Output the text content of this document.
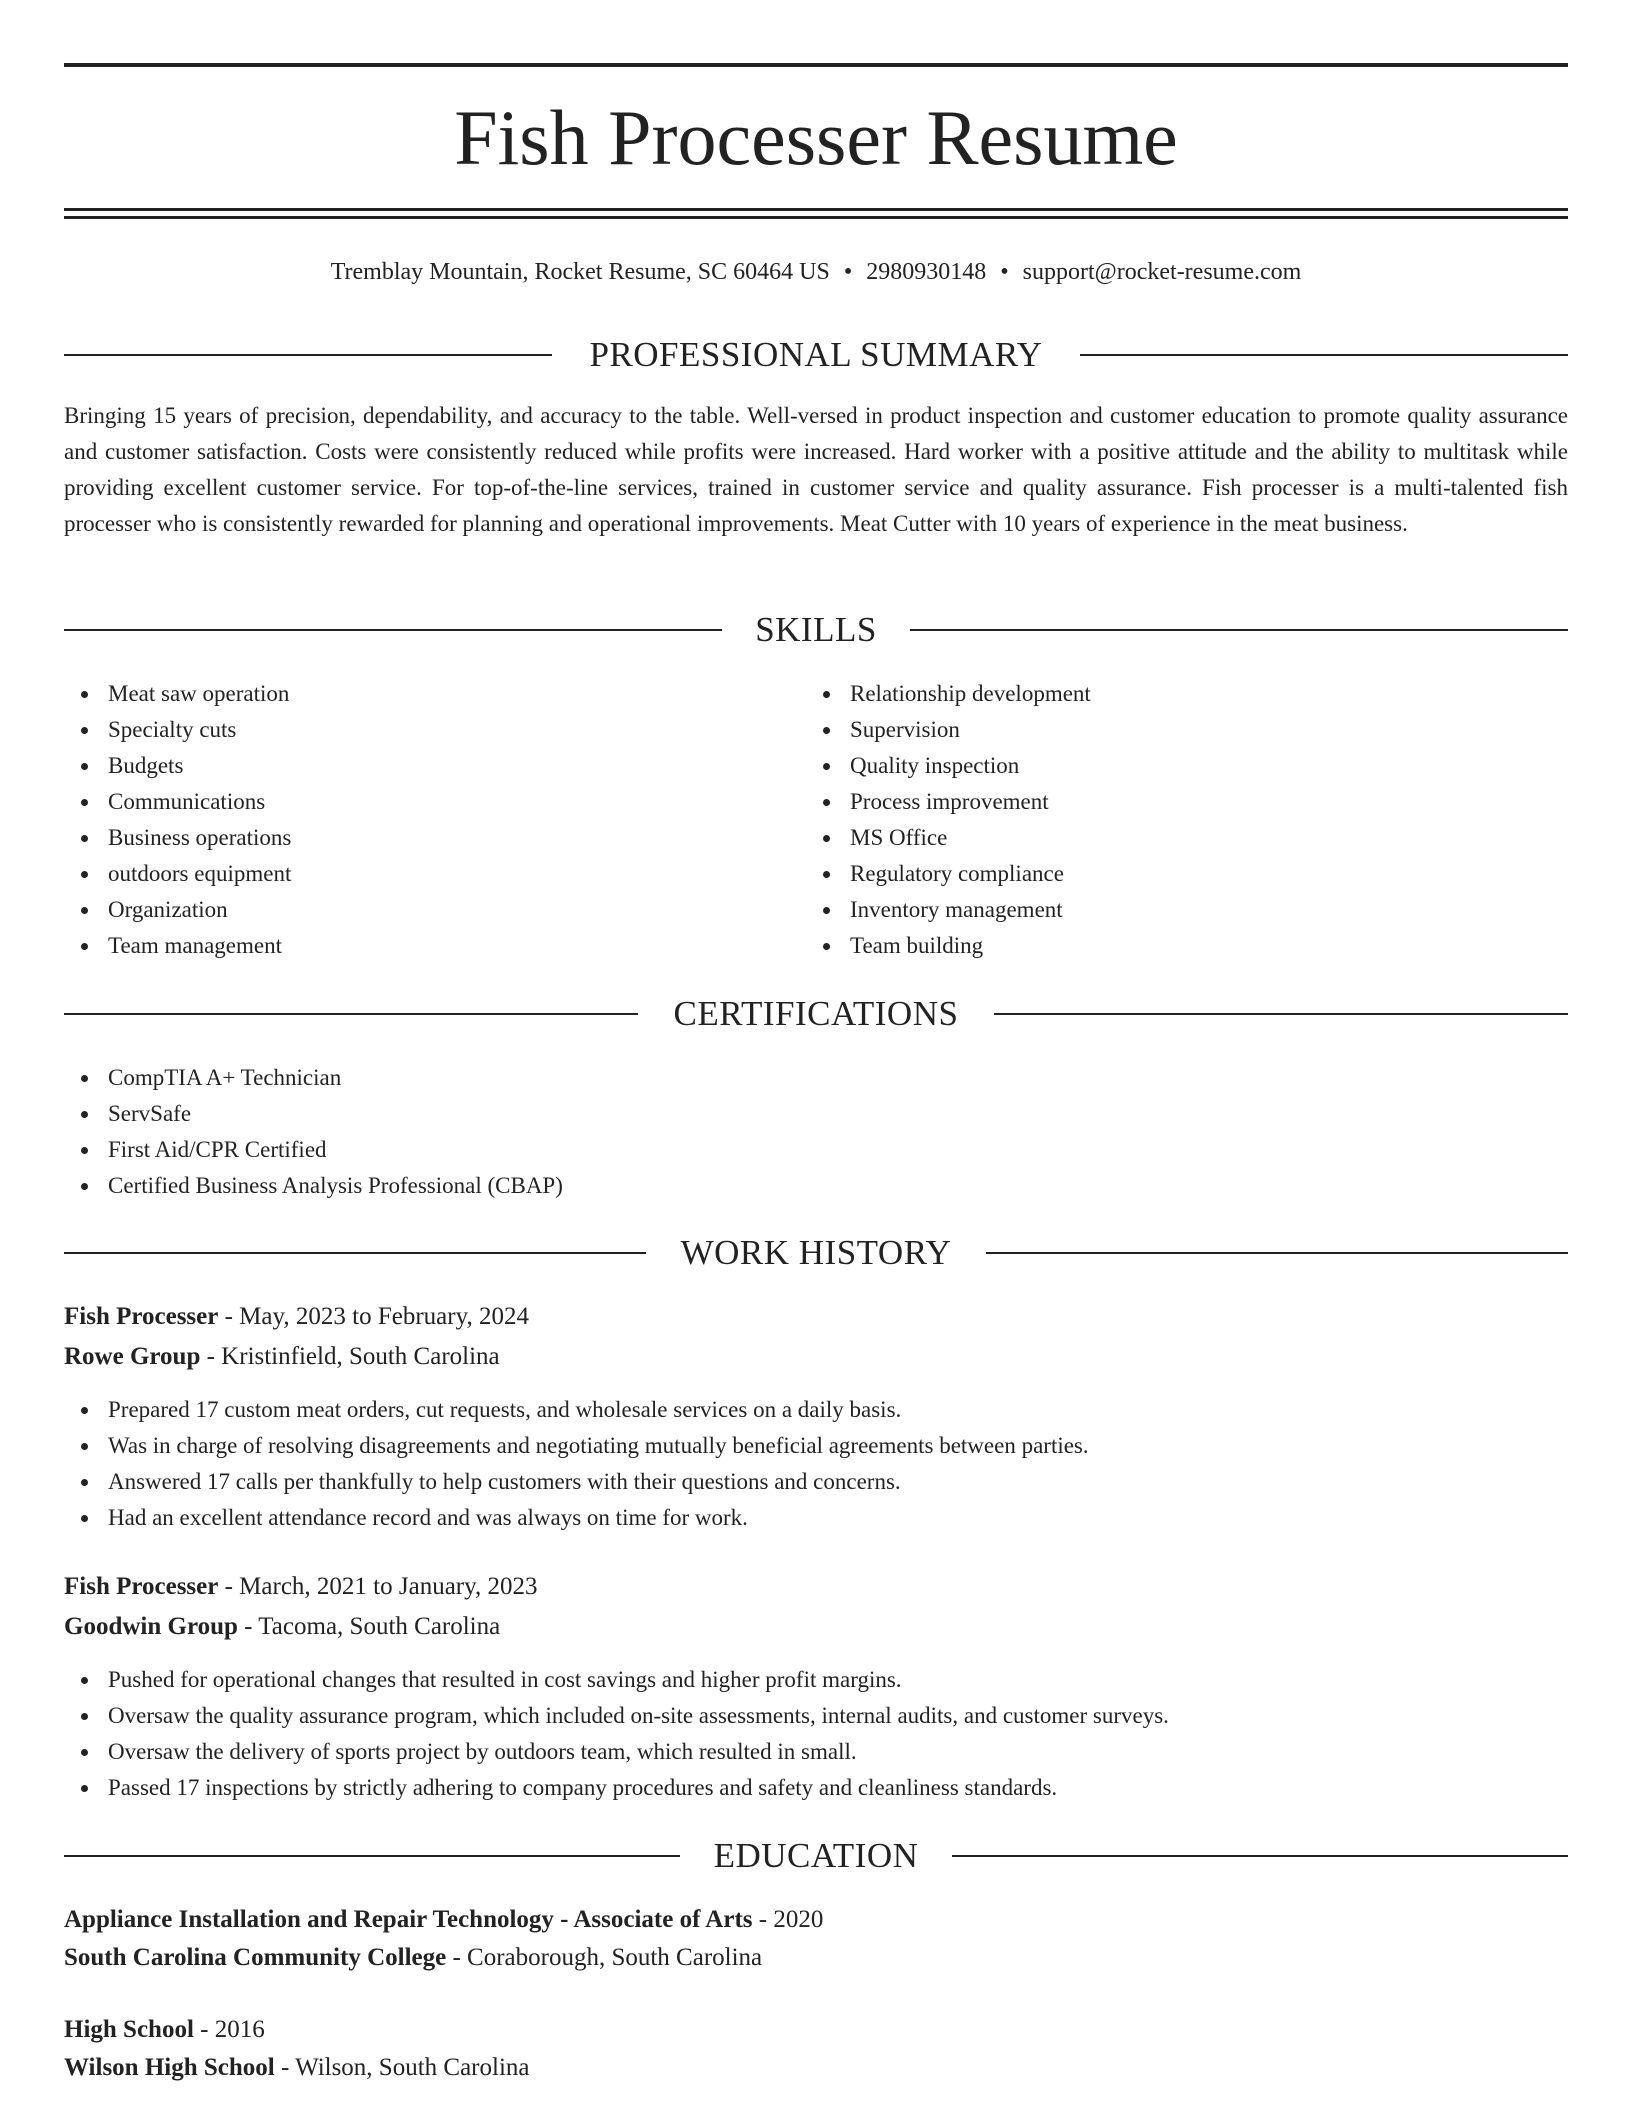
Fish Processer Resume
Tremblay Mountain, Rocket Resume, SC 60464 US • 2980930148 • support@rocket-resume.com
PROFESSIONAL SUMMARY

Bringing 15 years of precision, dependability, and accuracy to the table. Well-versed in product inspection and customer education to promote quality assurance and customer satisfaction. Costs were consistently reduced while profits were increased. Hard worker with a positive attitude and the ability to multitask while providing excellent customer service. For top-of-the-line services, trained in customer service and quality assurance. Fish processer is a multi-talented fish processer who is consistently rewarded for planning and operational improvements. Meat Cutter with 10 years of experience in the meat business.

SKILLS
Meat saw operation
Specialty cuts
Budgets
Communications
Business operations
outdoors equipment
Organization
Team management
Relationship development
Supervision
Quality inspection
Process improvement
MS Office
Regulatory compliance
Inventory management
Team building
CERTIFICATIONS
CompTIA A+ Technician
ServSafe
First Aid/CPR Certified
Certified Business Analysis Professional (CBAP)
WORK HISTORY
Fish Processer - May, 2023 to February, 2024
Rowe Group - Kristinfield, South Carolina
Prepared 17 custom meat orders, cut requests, and wholesale services on a daily basis.
Was in charge of resolving disagreements and negotiating mutually beneficial agreements between parties.
Answered 17 calls per thankfully to help customers with their questions and concerns.
Had an excellent attendance record and was always on time for work.
Fish Processer - March, 2021 to January, 2023
Goodwin Group - Tacoma, South Carolina
Pushed for operational changes that resulted in cost savings and higher profit margins.
Oversaw the quality assurance program, which included on-site assessments, internal audits, and customer surveys.
Oversaw the delivery of sports project by outdoors team, which resulted in small.
Passed 17 inspections by strictly adhering to company procedures and safety and cleanliness standards.
EDUCATION
Appliance Installation and Repair Technology - Associate of Arts - 2020
South Carolina Community College - Coraborough, South Carolina
High School - 2016
Wilson High School - Wilson, South Carolina
